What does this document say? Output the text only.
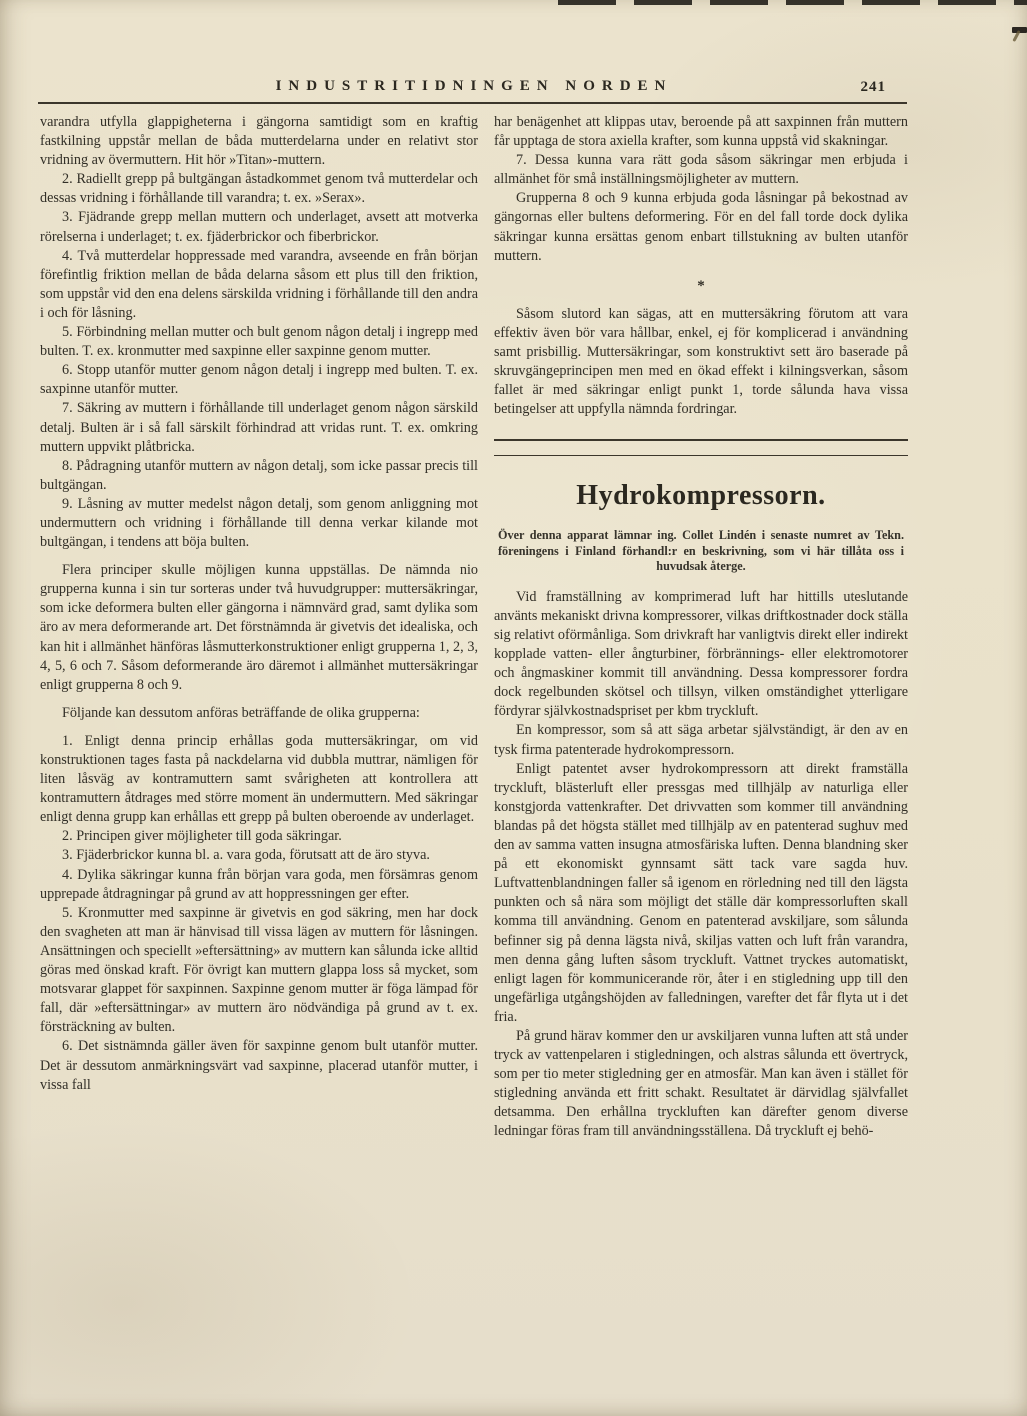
INDUSTRITIDNINGEN NORDEN	241

varandra utfylla glappigheterna i gängorna samtidigt som en kraftig fastkilning uppstår mellan de båda mutterdelarna under en relativt stor vridning av övermuttern. Hit hör »Titan»-muttern.

2. Radiellt grepp på bultgängan åstadkommet genom två mutterdelar och dessas vridning i förhållande till varandra; t. ex. »Serax».

3. Fjädrande grepp mellan muttern och underlaget, avsett att motverka rörelserna i underlaget; t. ex. fjäderbrickor och fiberbrickor.

4. Två mutterdelar hoppressade med varandra, avseende en från början förefintlig friktion mellan de båda delarna såsom ett plus till den friktion, som uppstår vid den ena delens särskilda vridning i förhållande till den andra i och för låsning.

5. Förbindning mellan mutter och bult genom någon detalj i ingrepp med bulten. T. ex. kronmutter med saxpinne eller saxpinne genom mutter.

6. Stopp utanför mutter genom någon detalj i ingrepp med bulten. T. ex. saxpinne utanför mutter.

7. Säkring av muttern i förhållande till underlaget genom någon särskild detalj. Bulten är i så fall särskilt förhindrad att vridas runt. T. ex. omkring muttern uppvikt plåtbricka.

8. Pådragning utanför muttern av någon detalj, som icke passar precis till bultgängan.

9. Låsning av mutter medelst någon detalj, som genom anliggning mot undermuttern och vridning i förhållande till denna verkar kilande mot bultgängan, i tendens att böja bulten.

Flera principer skulle möjligen kunna uppställas. De nämnda nio grupperna kunna i sin tur sorteras under två huvudgrupper: muttersäkringar, som icke deformera bulten eller gängorna i nämnvärd grad, samt dylika som äro av mera deformerande art. Det förstnämnda är givetvis det idealiska, och kan hit i allmänhet hänföras låsmutterkonstruktioner enligt grupperna 1, 2, 3, 4, 5, 6 och 7. Såsom deformerande äro däremot i allmänhet muttersäkringar enligt grupperna 8 och 9.

Följande kan dessutom anföras beträffande de olika grupperna:

1. Enligt denna princip erhållas goda muttersäkringar, om vid konstruktionen tages fasta på nackdelarna vid dubbla muttrar, nämligen för liten låsväg av kontramuttern samt svårigheten att kontrollera att kontramuttern åtdrages med större moment än undermuttern. Med säkringar enligt denna grupp kan erhållas ett grepp på bulten oberoende av underlaget.

2. Principen giver möjligheter till goda säkringar.

3. Fjäderbrickor kunna bl. a. vara goda, förutsatt att de äro styva.

4. Dylika säkringar kunna från början vara goda, men försämras genom upprepade åtdragningar på grund av att hoppressningen ger efter.

5. Kronmutter med saxpinne är givetvis en god säkring, men har dock den svagheten att man är hänvisad till vissa lägen av muttern för låsningen. Ansättningen och speciellt »eftersättning» av muttern kan sålunda icke alltid göras med önskad kraft. För övrigt kan muttern glappa loss så mycket, som motsvarar glappet för saxpinnen. Saxpinne genom mutter är föga lämpad för fall, där »eftersättningar» av muttern äro nödvändiga på grund av t. ex. försträckning av bulten.

6. Det sistnämnda gäller även för saxpinne genom bult utanför mutter. Det är dessutom anmärkningsvärt vad saxpinne, placerad utanför mutter, i vissa fall

har benägenhet att klippas utav, beroende på att saxpinnen från muttern får upptaga de stora axiella krafter, som kunna uppstå vid skakningar.

7. Dessa kunna vara rätt goda såsom säkringar men erbjuda i allmänhet för små inställningsmöjligheter av muttern.

Grupperna 8 och 9 kunna erbjuda goda låsningar på bekostnad av gängornas eller bultens deformering. För en del fall torde dock dylika säkringar kunna ersättas genom enbart tillstukning av bulten utanför muttern.

*

Såsom slutord kan sägas, att en muttersäkring förutom att vara effektiv även bör vara hållbar, enkel, ej för komplicerad i användning samt prisbillig. Muttersäkringar, som konstruktivt sett äro baserade på skruvgängeprincipen men med en ökad effekt i kilningsverkan, såsom fallet är med säkringar enligt punkt 1, torde sålunda hava vissa betingelser att uppfylla nämnda fordringar.

Hydrokompressorn.

Över denna apparat lämnar ing. Collet Lindén i senaste numret av Tekn. föreningens i Finland förhandl:r en beskrivning, som vi här tillåta oss i huvudsak återge.

Vid framställning av komprimerad luft har hittills uteslutande använts mekaniskt drivna kompressorer, vilkas driftkostnader dock ställa sig relativt oförmånliga. Som drivkraft har vanligtvis direkt eller indirekt kopplade vatten- eller ångturbiner, förbrännings- eller elektromotorer och ångmaskiner kommit till användning. Dessa kompressorer fordra dock regelbunden skötsel och tillsyn, vilken omständighet ytterligare fördyrar självkostnadspriset per kbm tryckluft.

En kompressor, som så att säga arbetar självständigt, är den av en tysk firma patenterade hydrokompressorn.

Enligt patentet avser hydrokompressorn att direkt framställa tryckluft, blästerluft eller pressgas med tillhjälp av naturliga eller konstgjorda vattenkrafter. Det drivvatten som kommer till användning blandas på det högsta stället med tillhjälp av en patenterad sughuv med den av samma vatten insugna atmosfäriska luften. Denna blandning sker på ett ekonomiskt gynnsamt sätt tack vare sagda huv. Luftvattenblandningen faller så igenom en rörledning ned till den lägsta punkten och så nära som möjligt det ställe där kompressorluften skall komma till användning. Genom en patenterad avskiljare, som sålunda befinner sig på denna lägsta nivå, skiljas vatten och luft från varandra, men denna gång luften såsom tryckluft. Vattnet tryckes automatiskt, enligt lagen för kommunicerande rör, åter i en stigledning upp till den ungefärliga utgångshöjden av falledningen, varefter det får flyta ut i det fria.

På grund härav kommer den ur avskiljaren vunna luften att stå under tryck av vattenpelaren i stigledningen, och alstras sålunda ett övertryck, som per tio meter stigledning ger en atmosfär. Man kan även i stället för stigledning använda ett fritt schakt. Resultatet är därvidlag självfallet detsamma. Den erhållna tryckluften kan därefter genom diverse ledningar föras fram till användningsställena. Då tryckluft ej behö-
